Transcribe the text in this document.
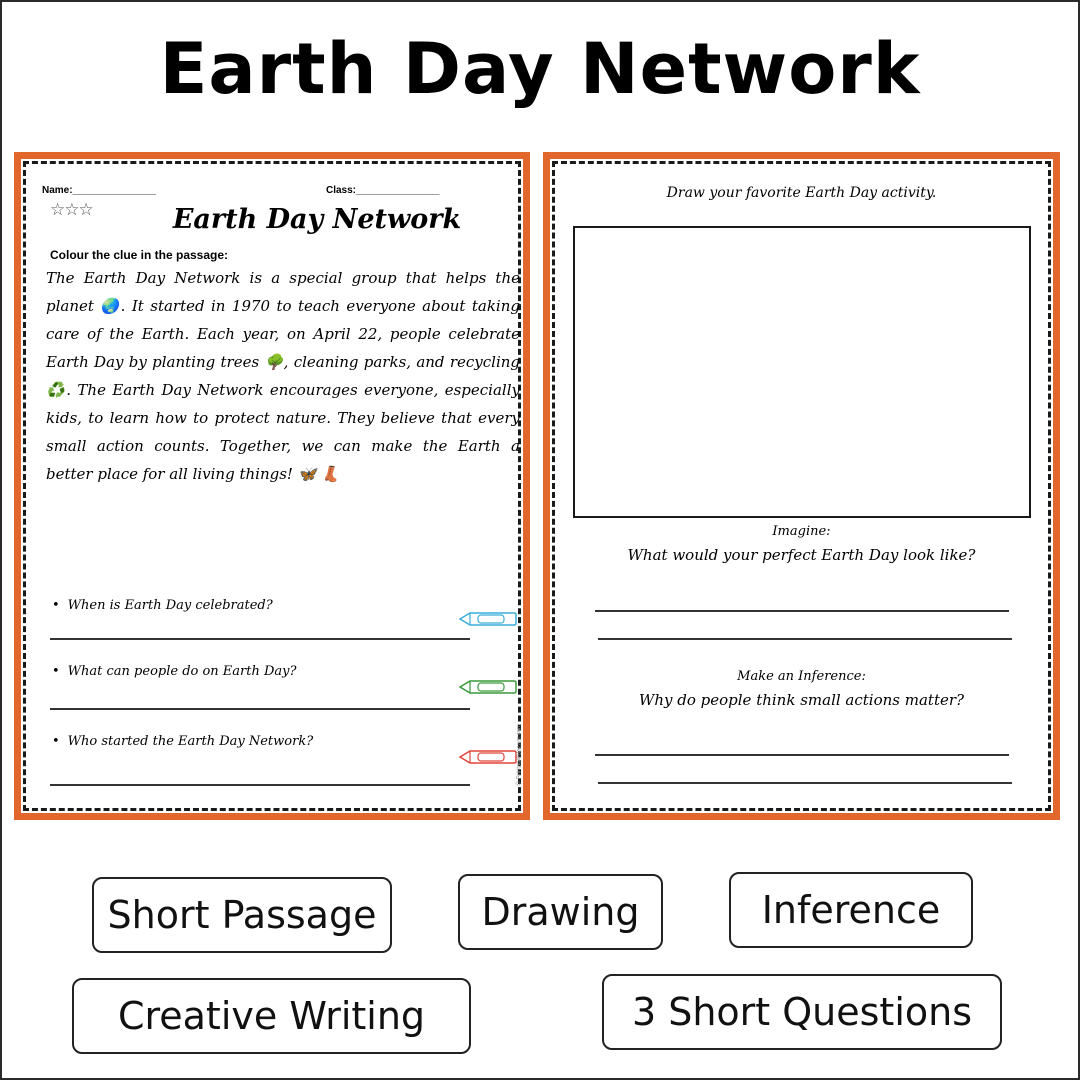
Earth Day Network
Name:_______________	Class:_______________
☆☆☆	Earth Day Network
Colour the clue in the passage:

The Earth Day Network is a special group that helps the planet 🌏. It started in 1970 to teach everyone about taking care of the Earth. Each year, on April 22, people celebrate Earth Day by planting trees 🌳, cleaning parks, and recycling ♻️. The Earth Day Network encourages everyone, especially kids, to learn how to protect nature. They believe that every small action counts. Together, we can make the Earth a better place for all living things! 🦋 👢

• When is Earth Day celebrated?
• What can people do on Earth Day?
• Who started the Earth Day Network?	© PrintableBazaar.com
Draw your favorite Earth Day activity.
Imagine:
What would your perfect Earth Day look like?
Make an Inference:
Why do people think small actions matter?
Short Passage	Drawing	Inference
Creative Writing	3 Short Questions
